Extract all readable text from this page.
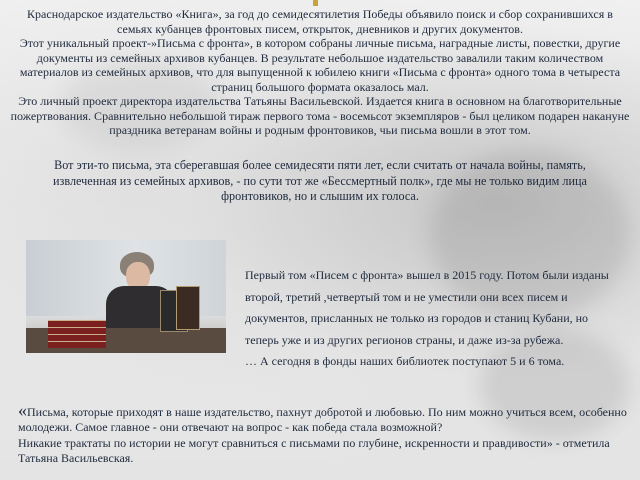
Краснодарское издательство «Книга», за год до семидесятилетия Победы объявило поиск и сбор сохранившихся в семьях кубанцев фронтовых писем, открыток, дневников и других документов.

Этот уникальный проект-»Письма с фронта», в котором собраны личные письма, наградные листы, повестки, другие документы из семейных архивов кубанцев. В результате небольшое издательство завалили таким количеством материалов из семейных архивов, что для выпущенной к юбилею книги «Письма с фронта» одного тома в четыреста страниц большого формата оказалось мал.

Это личный проект директора издательства Татьяны Васильевской. Издается книга в основном на благотворительные пожертвования. Сравнительно небольшой тираж первого тома - восемьсот экземпляров - был целиком подарен накануне праздника ветеранам войны и родным фронтовиков, чьи письма вошли в этот том.

Вот эти-то письма, эта сберегавшая более семидесяти пяти лет, если считать от начала войны, память, извлеченная из семейных архивов, - по сути тот же «Бессмертный полк», где мы не только видим лица фронтовиков, но и слышим их голоса.

Первый том «Писем с фронта» вышел в 2015 году. Потом были изданы второй, третий ,четвертый том и не уместили они всех писем и документов, присланных не только из городов и станиц Кубани, но теперь уже и из других регионов страны, и даже из-за рубежа.

… А сегодня в фонды наших библиотек поступают 5 и 6 тома.

«Письма, которые приходят в наше издательство, пахнут добротой и любовью. По ним можно учиться всем, особенно молодежи. Самое главное - они отвечают на вопрос - как победа стала возможной?

Никакие трактаты по истории не могут сравниться с письмами по глубине, искренности и правдивости» - отметила Татьяна Васильевская.
